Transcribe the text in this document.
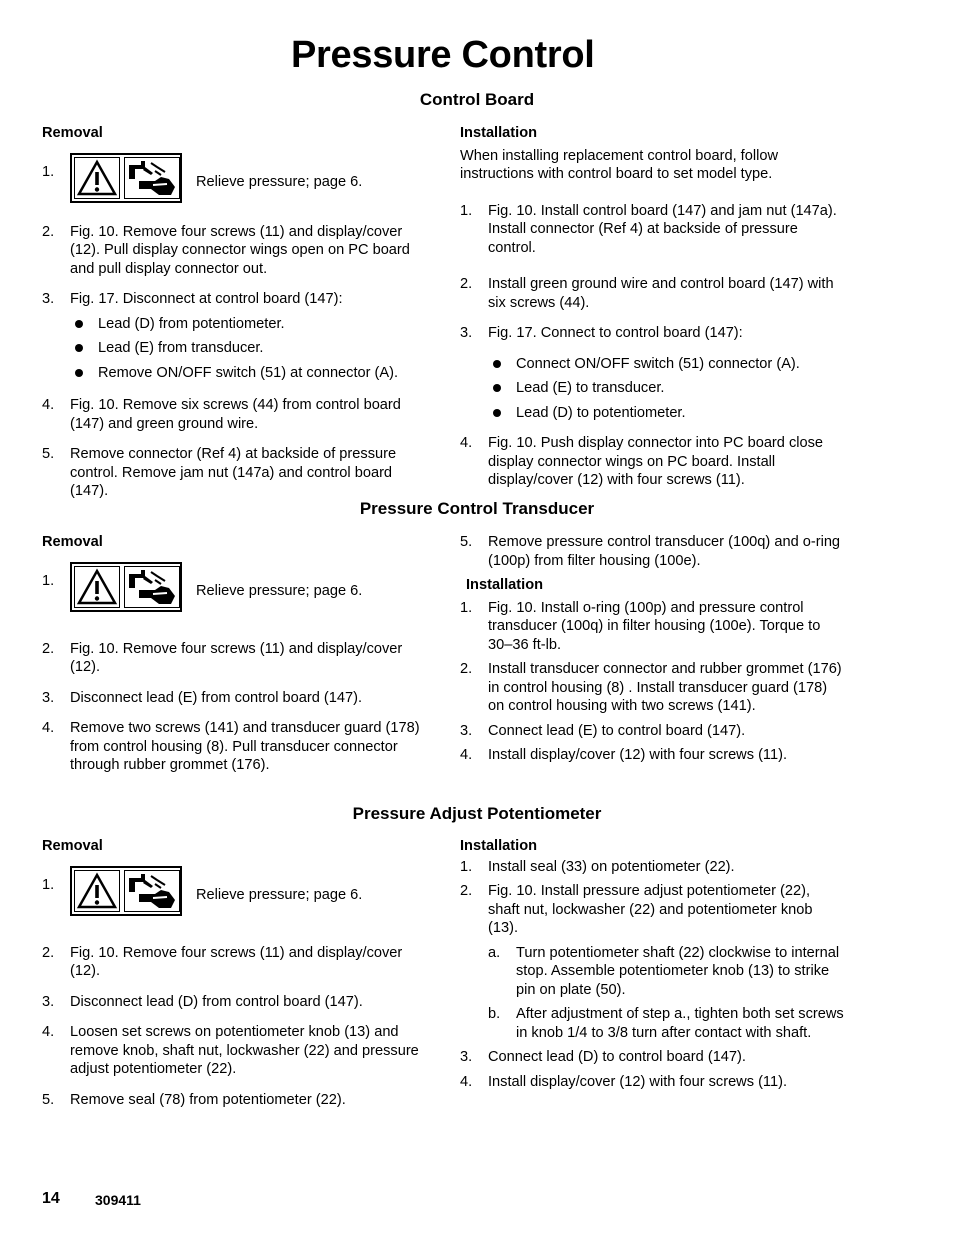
Pressure Control
Control Board
Removal
1.
Relieve pressure; page 6.
2. Fig. 10. Remove four screws (11) and display/cover (12). Pull display connector wings open on PC board and pull display connector out.
3. Fig. 17. Disconnect at control board (147):
Lead (D) from potentiometer.
Lead (E) from transducer.
Remove ON/OFF switch (51) at connector (A).
4. Fig. 10. Remove six screws (44) from control board (147) and green ground wire.
5. Remove connector (Ref 4) at backside of pressure control. Remove jam nut (147a) and control board (147).
Installation
When installing replacement control board, follow instructions with control board to set model type.
1. Fig. 10. Install control board (147) and jam nut (147a). Install connector (Ref 4) at backside of pressure control.
2. Install green ground wire and control board (147) with six screws (44).
3. Fig. 17. Connect to control board (147):
Connect ON/OFF switch (51) connector (A).
Lead (E) to transducer.
Lead (D) to potentiometer.
4. Fig. 10. Push display connector into PC board close display connector wings on PC board. Install display/cover (12) with four screws (11).
Pressure Control Transducer
Removal
1.
Relieve pressure; page 6.
2. Fig. 10. Remove four screws (11) and display/cover (12).
3. Disconnect lead (E) from control board (147).
4. Remove two screws (141) and transducer guard (178) from control housing (8). Pull transducer connector through rubber grommet (176).
5. Remove pressure control transducer (100q) and o-ring (100p) from filter housing (100e).
Installation
1. Fig. 10. Install o-ring (100p) and pressure control transducer (100q) in filter housing (100e). Torque to 30–36 ft-lb.
2. Install transducer connector and rubber grommet (176) in control housing (8) . Install transducer guard (178) on control housing with two screws (141).
3. Connect lead (E) to control board (147).
4. Install display/cover (12) with four screws (11).
Pressure Adjust Potentiometer
Removal
1.
Relieve pressure; page 6.
2. Fig. 10. Remove four screws (11) and display/cover (12).
3. Disconnect lead (D) from control board (147).
4. Loosen set screws on potentiometer knob (13) and remove knob, shaft nut, lockwasher (22) and pressure adjust potentiometer (22).
5. Remove seal (78) from potentiometer (22).
Installation
1. Install seal (33) on potentiometer (22).
2. Fig. 10. Install pressure adjust potentiometer (22), shaft nut, lockwasher (22) and potentiometer knob (13).
a. Turn potentiometer shaft (22) clockwise to internal stop. Assemble potentiometer knob (13) to strike pin on plate (50).
b. After adjustment of step a., tighten both set screws in knob 1/4 to 3/8 turn after contact with shaft.
3. Connect lead (D) to control board (147).
4. Install display/cover (12) with four screws (11).
14	309411
